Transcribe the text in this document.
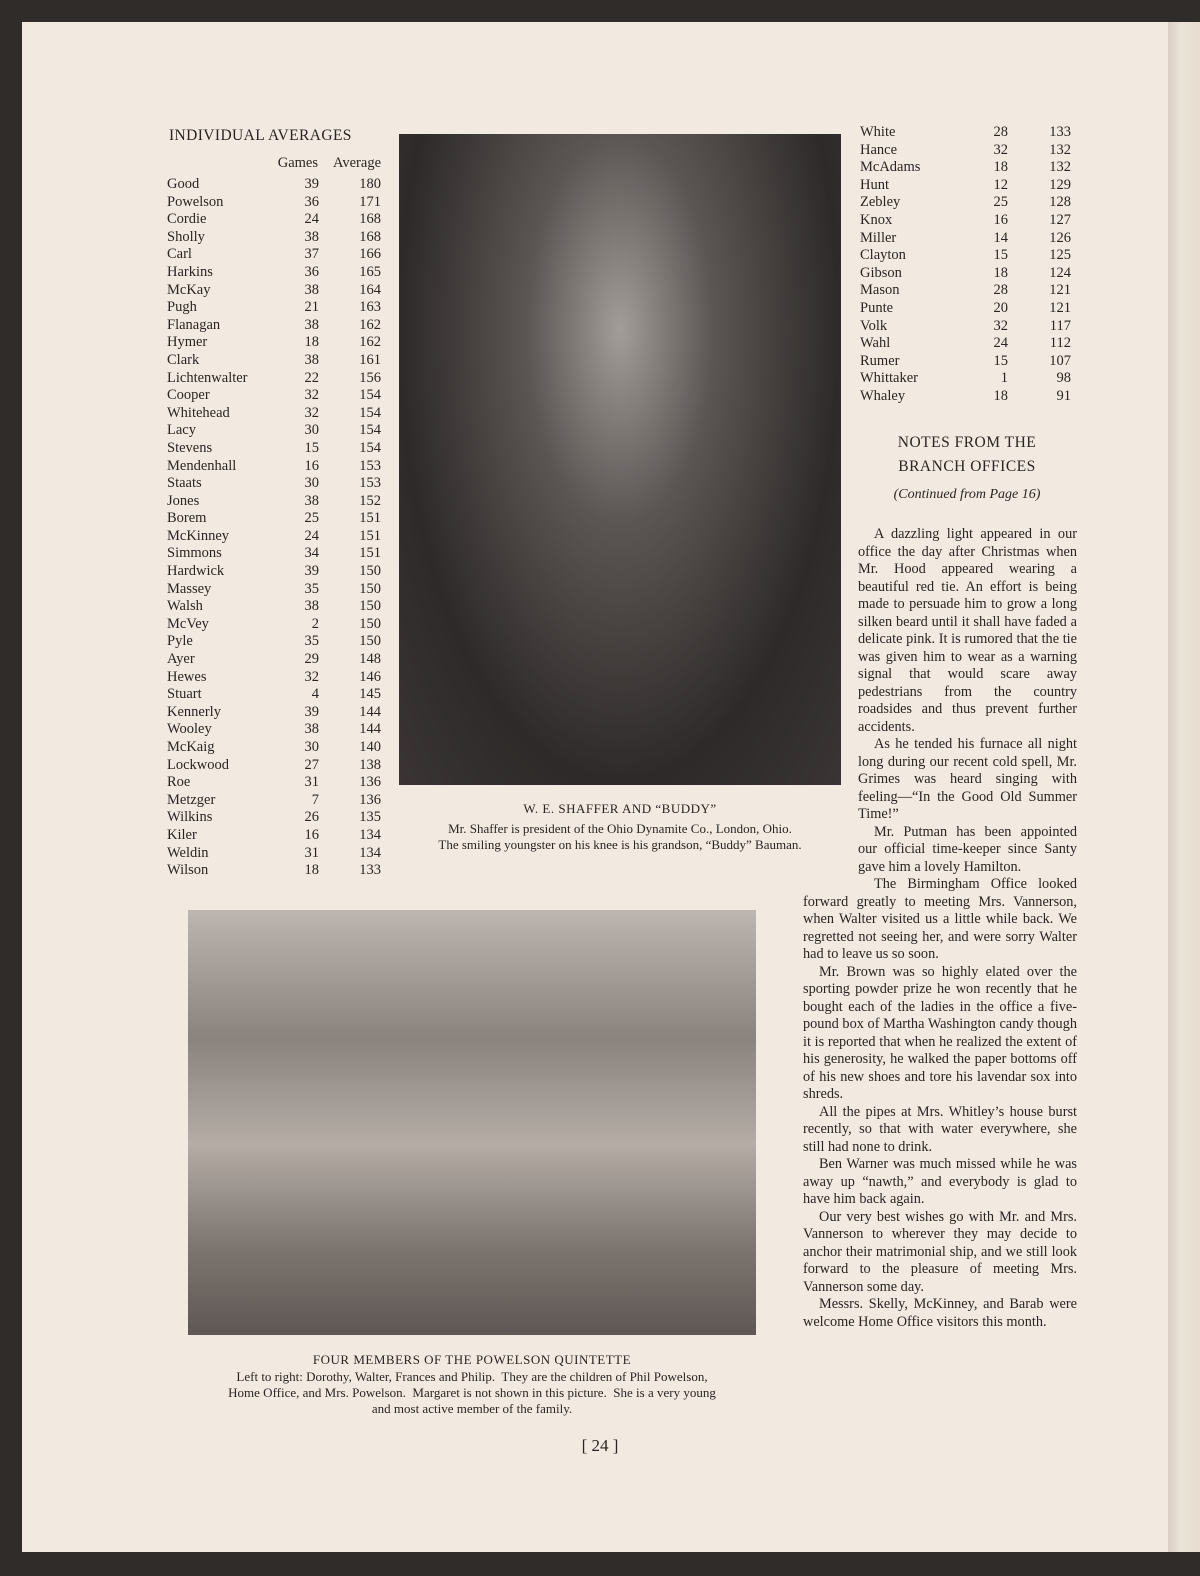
INDIVIDUAL AVERAGES
Games Average
Good	39	180
Powelson	36	171
Cordie	24	168
Sholly	38	168
Carl	37	166
Harkins	36	165
McKay	38	164
Pugh	21	163
Flanagan	38	162
Hymer	18	162
Clark	38	161
Lichtenwalter	22	156
Cooper	32	154
Whitehead	32	154
Lacy	30	154
Stevens	15	154
Mendenhall	16	153
Staats	30	153
Jones	38	152
Borem	25	151
McKinney	24	151
Simmons	34	151
Hardwick	39	150
Massey	35	150
Walsh	38	150
McVey	2	150
Pyle	35	150
Ayer	29	148
Hewes	32	146
Stuart	4	145
Kennerly	39	144
Wooley	38	144
McKaig	30	140
Lockwood	27	138
Roe	31	136
Metzger	7	136
Wilkins	26	135
Kiler	16	134
Weldin	31	134
Wilson	18	133
W. E. SHAFFER AND “BUDDY”
Mr. Shaffer is president of the Ohio Dynamite Co., London, Ohio.
The smiling youngster on his knee is his grandson, “Buddy” Bauman.
White	28	133
Hance	32	132
McAdams	18	132
Hunt	12	129
Zebley	25	128
Knox	16	127
Miller	14	126
Clayton	15	125
Gibson	18	124
Mason	28	121
Punte	20	121
Volk	32	117
Wahl	24	112
Rumer	15	107
Whittaker	1	98
Whaley	18	91
NOTES FROM THE
BRANCH OFFICES
(Continued from Page 16)

A dazzling light appeared in our office the day after Christmas when Mr. Hood appeared wearing a beautiful red tie. An effort is being made to persuade him to grow a long silken beard until it shall have faded a delicate pink. It is rumored that the tie was given him to wear as a warning signal that would scare away pedestrians from the country roadsides and thus prevent further accidents.

As he tended his furnace all night long during our recent cold spell, Mr. Grimes was heard singing with feeling—“In the Good Old Summer Time!”

Mr. Putman has been appointed our official time-keeper since Santy gave him a lovely Hamilton.

The Birmingham Office looked forward greatly to meeting Mrs. Vannerson, when Walter visited us a little while back. We regretted not seeing her, and were sorry Walter had to leave us so soon.

Mr. Brown was so highly elated over the sporting powder prize he won recently that he bought each of the ladies in the office a five-pound box of Martha Washington candy though it is reported that when he realized the extent of his generosity, he walked the paper bottoms off of his new shoes and tore his lavendar sox into shreds.

All the pipes at Mrs. Whitley’s house burst recently, so that with water everywhere, she still had none to drink.

Ben Warner was much missed while he was away up “nawth,” and everybody is glad to have him back again.

Our very best wishes go with Mr. and Mrs. Vannerson to wherever they may decide to anchor their matrimonial ship, and we still look forward to the pleasure of meeting Mrs. Vannerson some day.

Messrs. Skelly, McKinney, and Barab were welcome Home Office visitors this month.

FOUR MEMBERS OF THE POWELSON QUINTETTE
Left to right: Dorothy, Walter, Frances and Philip.  They are the children of Phil Powelson,
Home Office, and Mrs. Powelson.  Margaret is not shown in this picture.  She is a very young
and most active member of the family.
[ 24 ]
